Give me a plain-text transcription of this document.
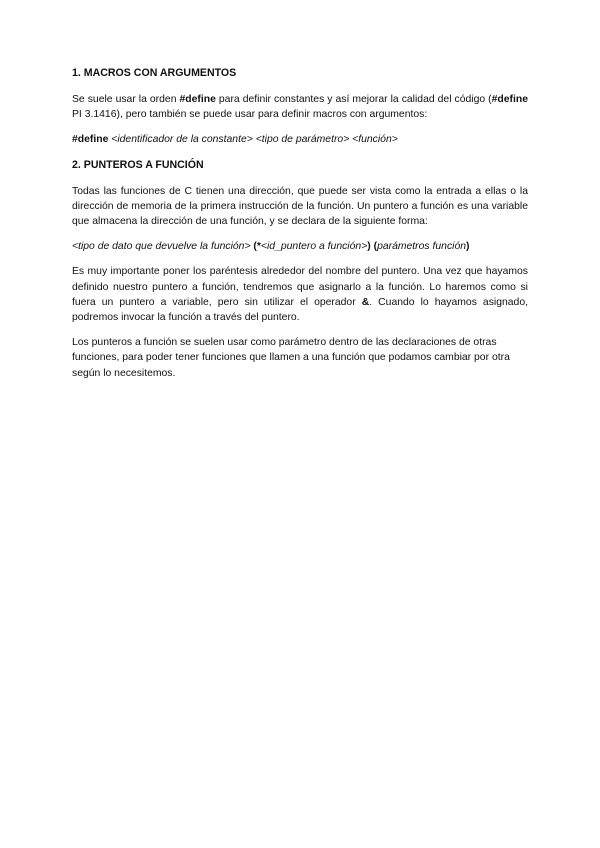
1. MACROS CON ARGUMENTOS

Se suele usar la orden #define para definir constantes y así mejorar la calidad del código (#define PI 3.1416), pero también se puede usar para definir macros con argumentos:

#define <identificador de la constante> <tipo de parámetro> <función>
2. PUNTEROS A FUNCIÓN

Todas las funciones de C tienen una dirección, que puede ser vista como la entrada a ellas o la dirección de memoria de la primera instrucción de la función. Un puntero a función es una variable que almacena la dirección de una función, y se declara de la siguiente forma:

<tipo de dato que devuelve la función> (*<id_puntero a función>) (parámetros función)

Es muy importante poner los paréntesis alrededor del nombre del puntero. Una vez que hayamos definido nuestro puntero a función, tendremos que asignarlo a la función. Lo haremos como si fuera un puntero a variable, pero sin utilizar el operador &. Cuando lo hayamos asignado, podremos invocar la función a través del puntero.

Los punteros a función se suelen usar como parámetro dentro de las declaraciones de otras funciones, para poder tener funciones que llamen a una función que podamos cambiar por otra según lo necesitemos.
